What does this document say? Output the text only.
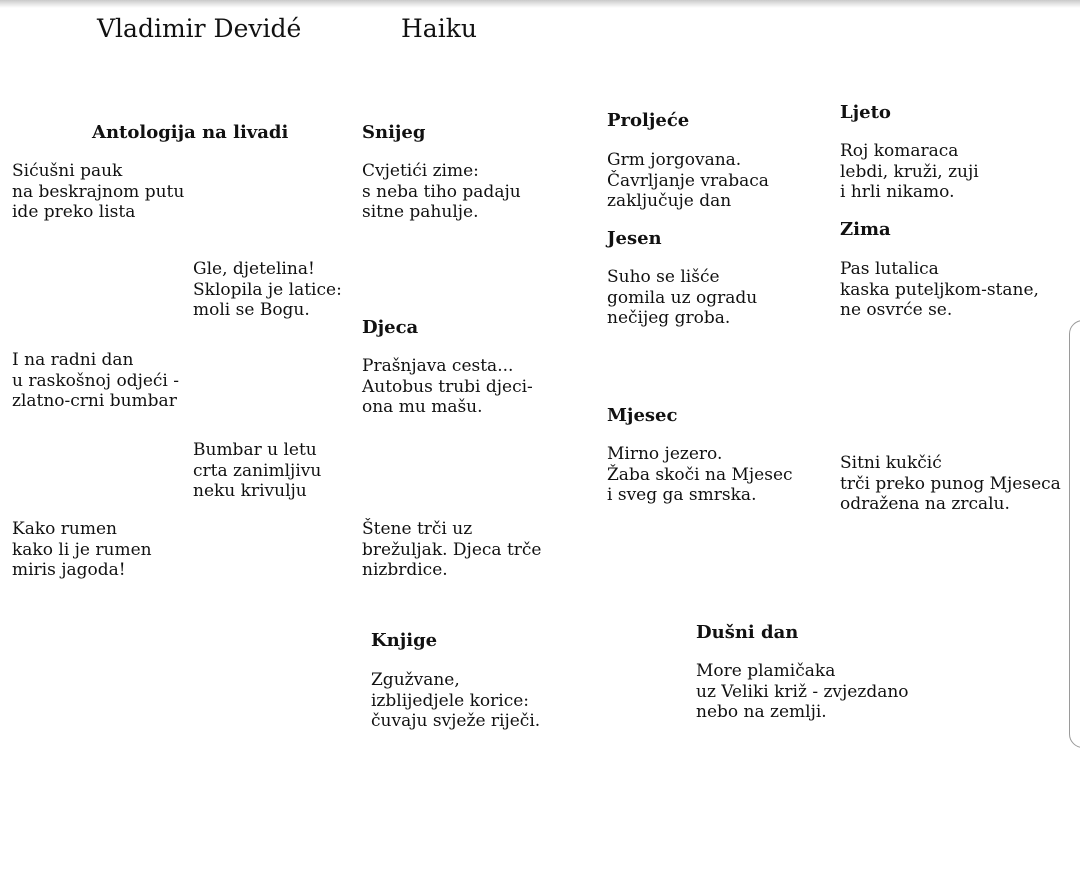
Vladimir Devidé	Haiku
Antologija na livadi
Sićušni pauk
na beskrajnom putu
ide preko lista
Gle, djetelina!
Sklopila je latice:
moli se Bogu.
I na radni dan
u raskošnoj odjeći -
zlatno-crni bumbar
Bumbar u letu
crta zanimljivu
neku krivulju
Kako rumen
kako li je rumen
miris jagoda!
Snijeg
Cvjetići zime:
s neba tiho padaju
sitne pahulje.
Djeca
Prašnjava cesta...
Autobus trubi djeci-
ona mu mašu.
Štene trči uz
brežuljak. Djeca trče
nizbrdice.
Proljeće
Grm jorgovana.
Čavrljanje vrabaca
zaključuje dan
Jesen
Suho se lišće
gomila uz ogradu
nečijeg groba.
Mjesec
Mirno jezero.
Žaba skoči na Mjesec
i sveg ga smrska.
Sitni kukčić
trči preko punog Mjeseca
odražena na zrcalu.
Ljeto
Roj komaraca
lebdi, kruži, zuji
i hrli nikamo.
Zima
Pas lutalica
kaska puteljkom-stane,
ne osvrće se.
Knjige
Zgužvane,
izblijedjele korice:
čuvaju svježe riječi.
Dušni dan
More plamičaka
uz Veliki križ - zvjezdano
nebo na zemlji.
